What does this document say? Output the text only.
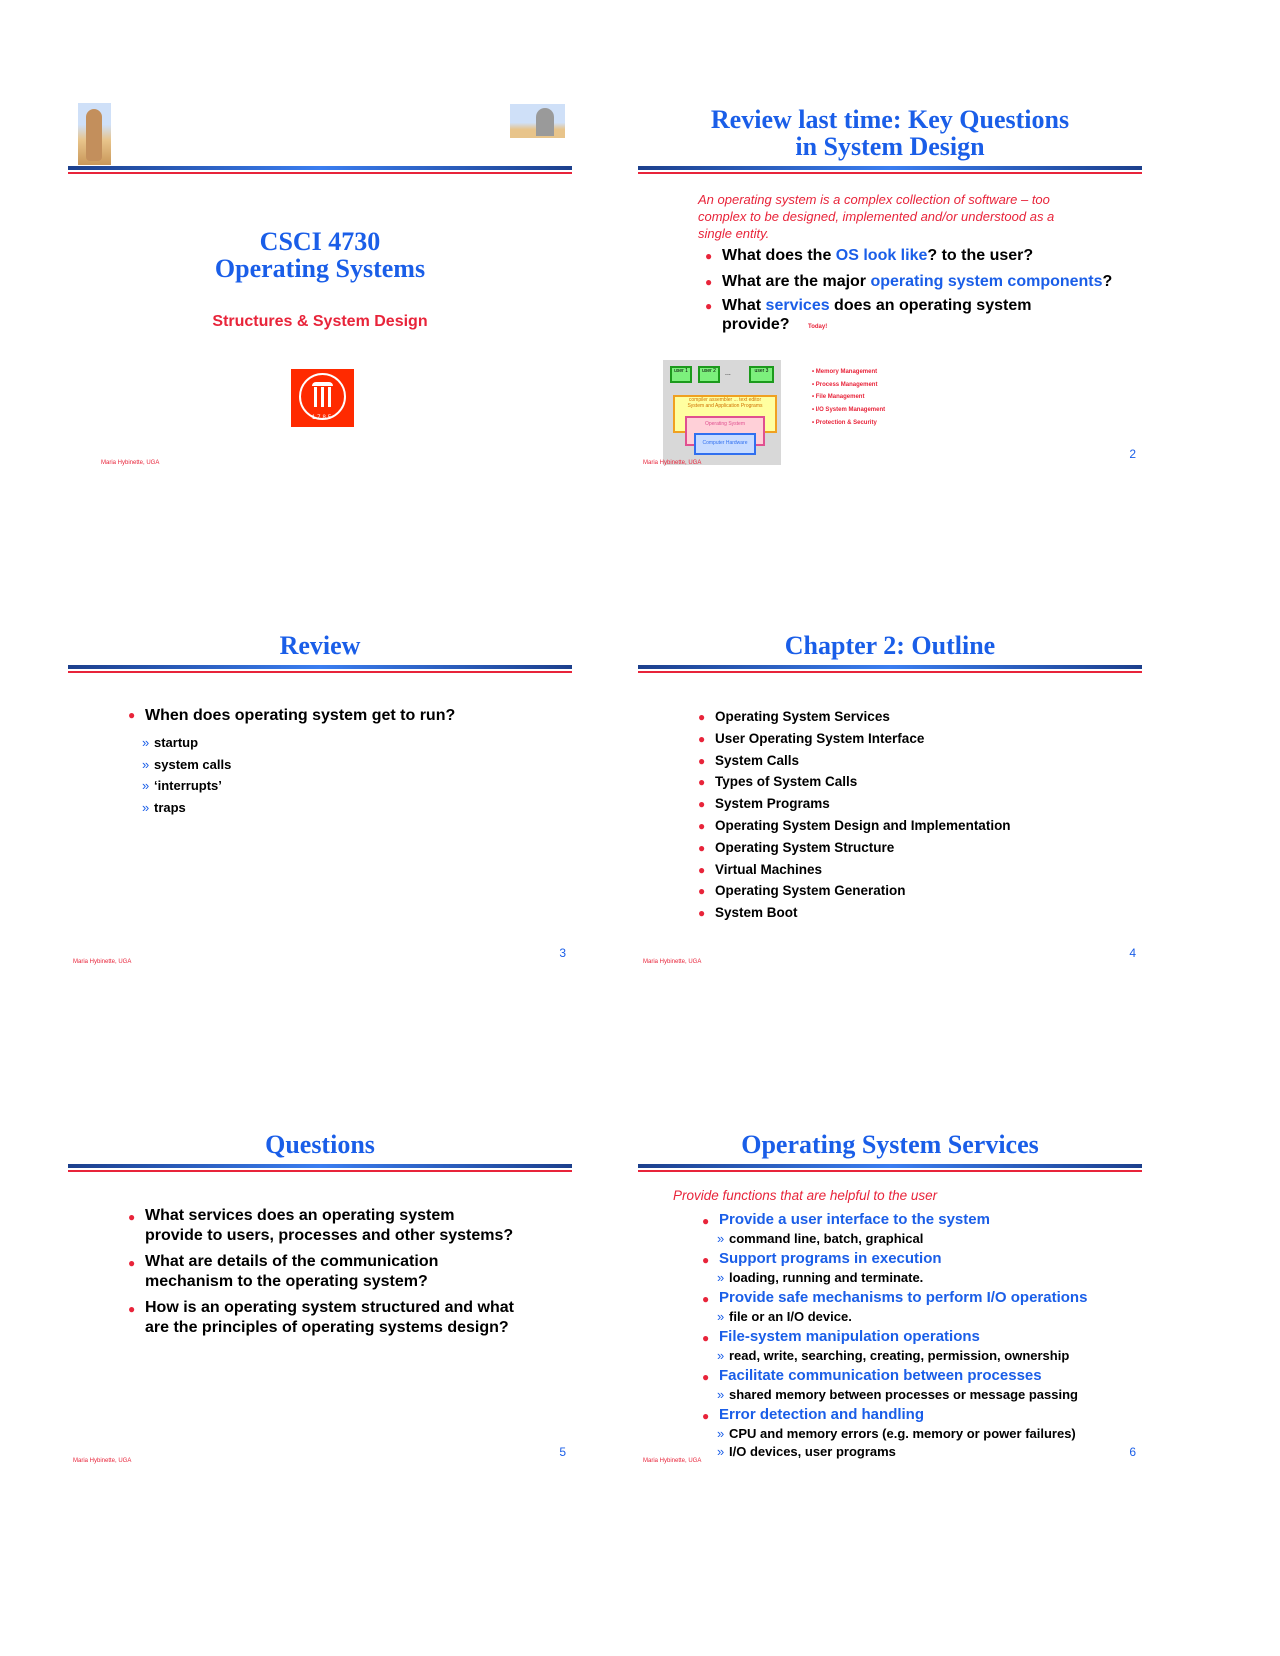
CSCI 4730
Operating Systems
Structures & System Design
1785
Maria Hybinette, UGA
Review last time: Key Questions
in System Design
An operating system is a complex collection of software – too complex to be designed, implemented and/or understood as a single entity.
● What does the OS look like? to the user?
● What are the major operating system components?
● What services does an operating system provide?	Today!
user 1	user 2	...	user 3
compiler assembler ... text editor
System and Application Programs
Operating System
Computer Hardware
• Memory Management
• Process Management
• File Management
• I/O System Management
• Protection & Security
Maria Hybinette, UGA
2
Review
● When does operating system get to run?
» startup
» system calls
» ‘interrupts’
» traps
Maria Hybinette, UGA
3
Chapter 2: Outline
● Operating System Services
● User Operating System Interface
● System Calls
● Types of System Calls
● System Programs
● Operating System Design and Implementation
● Operating System Structure
● Virtual Machines
● Operating System Generation
● System Boot
Maria Hybinette, UGA
4
Questions
● What services does an operating system provide to users, processes and other systems?
● What are details of the communication mechanism to the operating system?
● How is an operating system structured and what are the principles of operating systems design?
Maria Hybinette, UGA
5
Operating System Services
Provide functions that are helpful to the user
● Provide a user interface to the system
» command line, batch, graphical
● Support programs in execution
» loading, running and terminate.
● Provide safe mechanisms to perform I/O operations
» file or an I/O device.
● File-system manipulation operations
» read, write, searching, creating, permission, ownership
● Facilitate communication between processes
» shared memory between processes or message passing
● Error detection and handling
» CPU and memory errors (e.g. memory or power failures)
» I/O devices, user programs
Maria Hybinette, UGA
6
